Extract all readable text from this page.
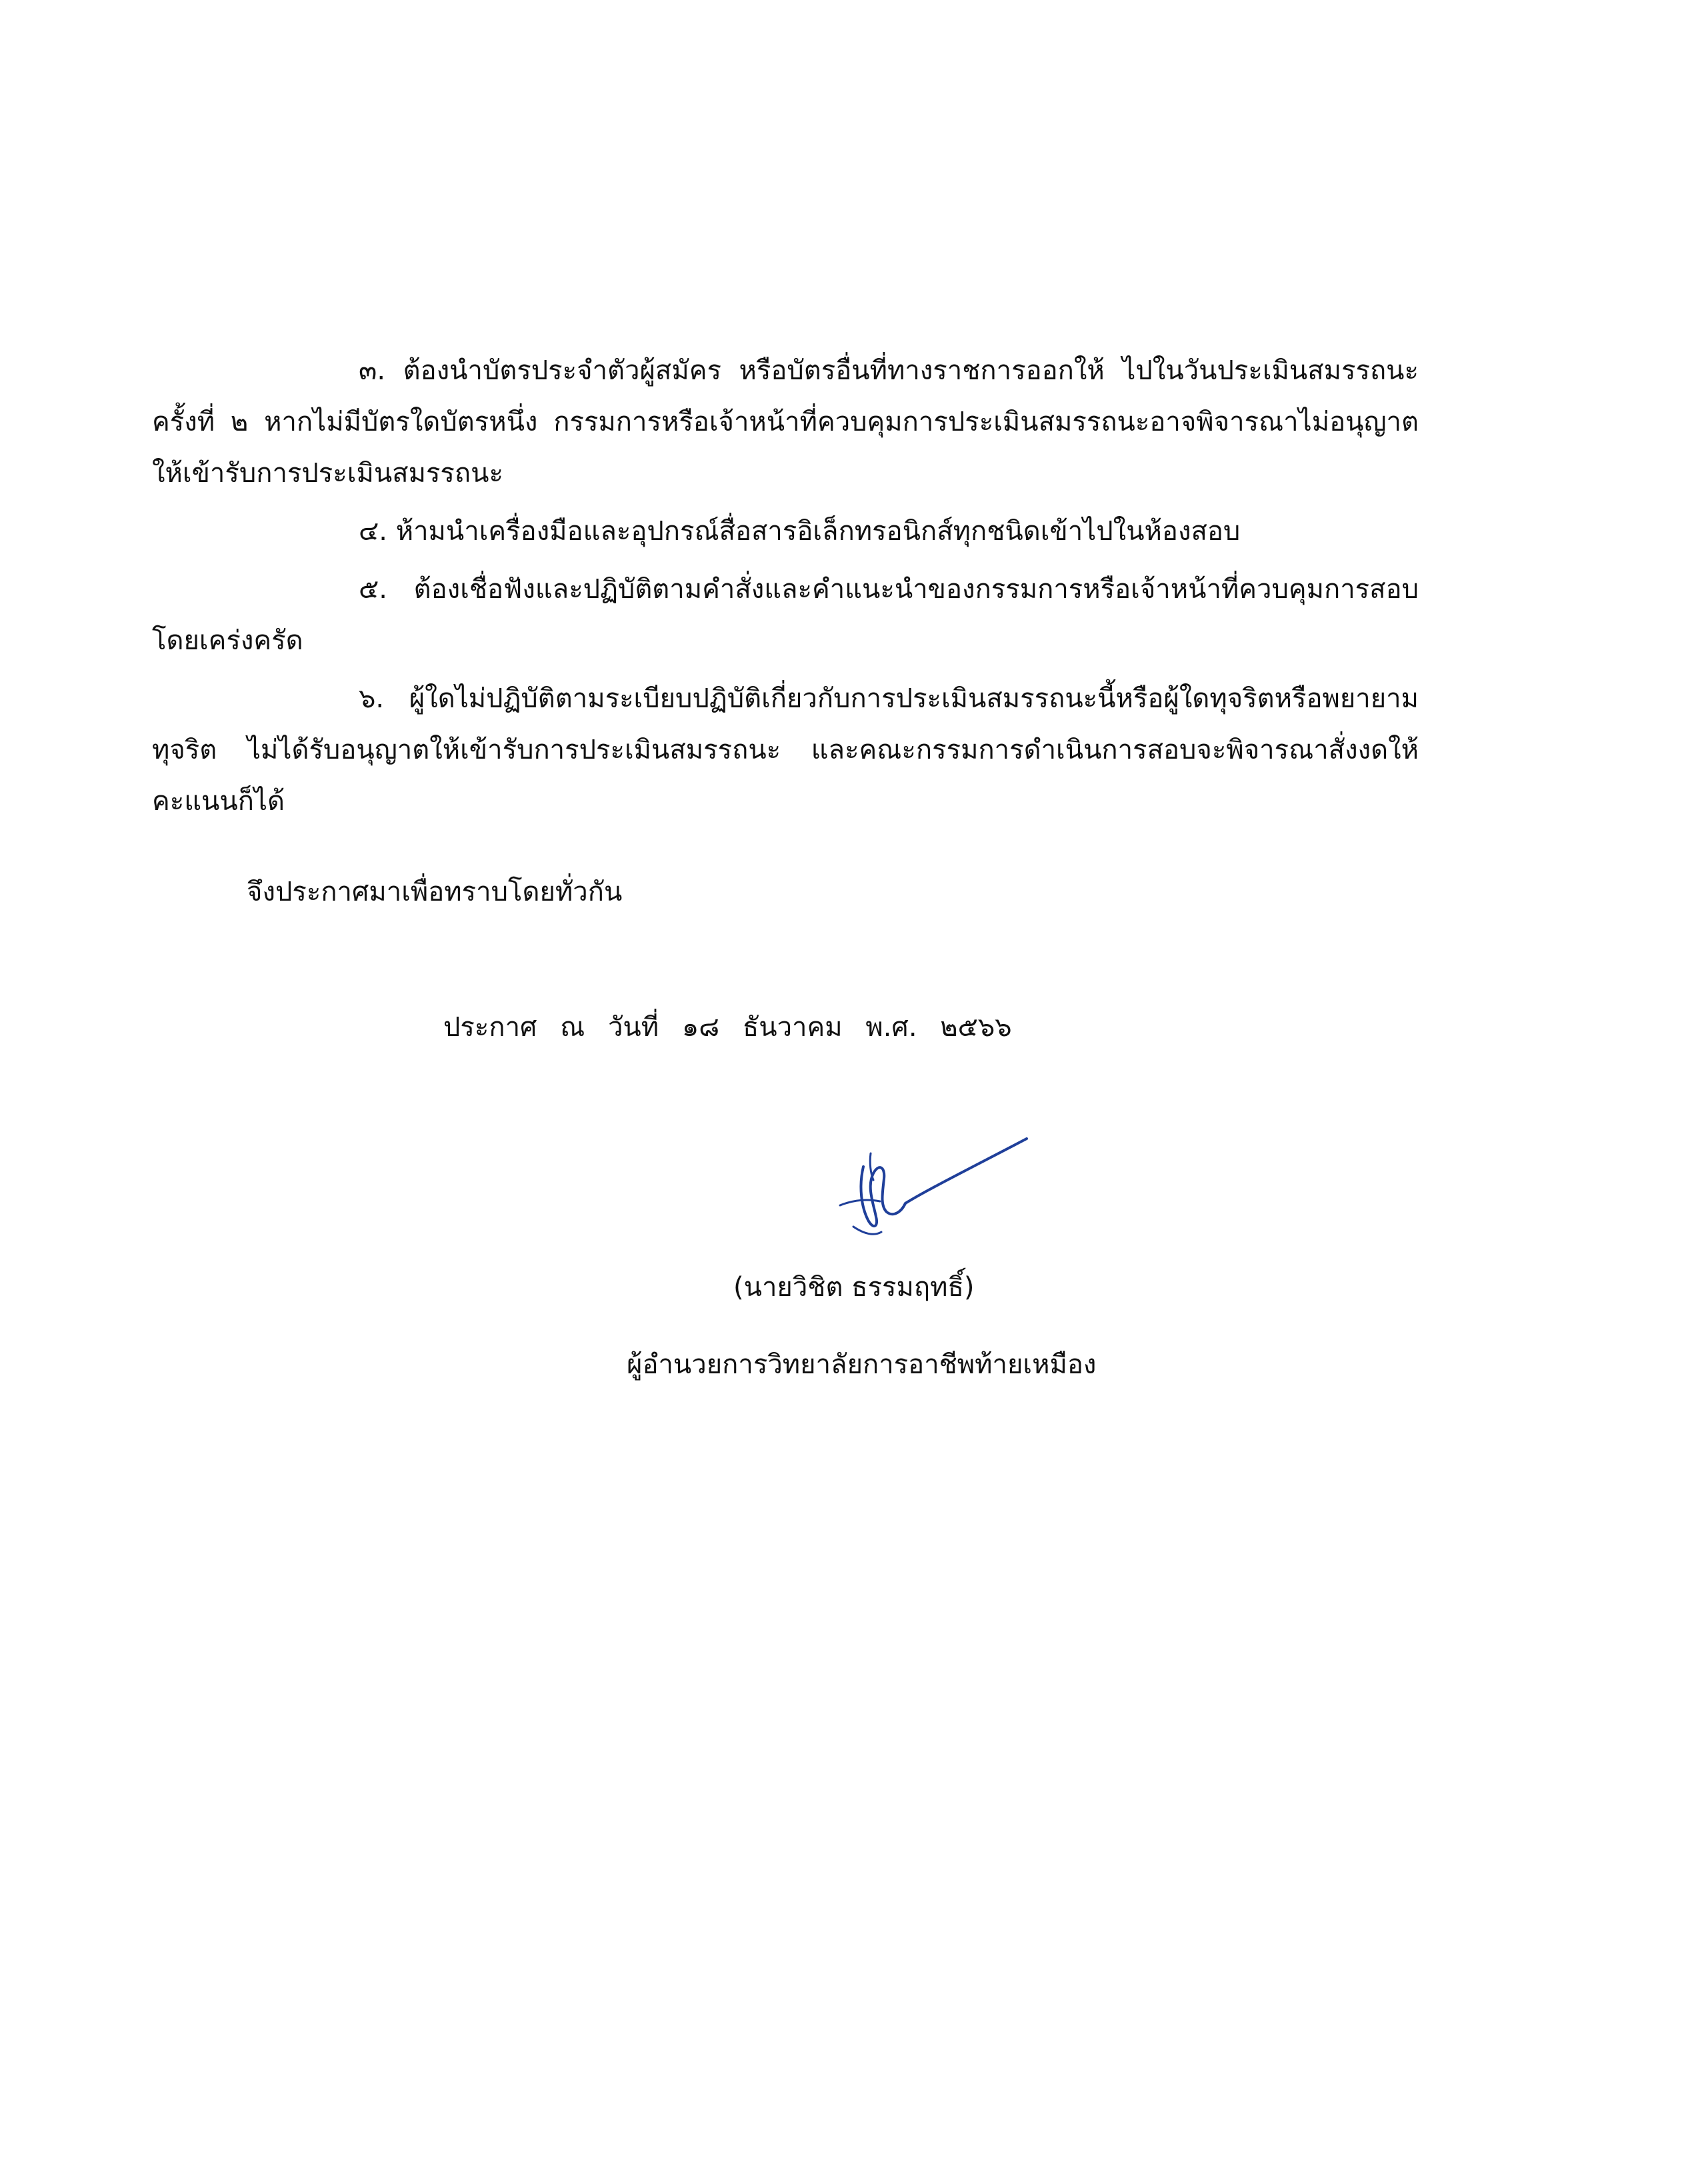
๓. ต้องนำบัตรประจำตัวผู้สมัคร หรือบัตรอื่นที่ทางราชการออกให้ ไปในวันประเมินสมรรถนะครั้งที่ ๒ หากไม่มีบัตรใดบัตรหนึ่ง กรรมการหรือเจ้าหน้าที่ควบคุมการประเมินสมรรถนะอาจพิจารณาไม่อนุญาตให้เข้ารับการประเมินสมรรถนะ

๔. ห้ามนำเครื่องมือและอุปกรณ์สื่อสารอิเล็กทรอนิกส์ทุกชนิดเข้าไปในห้องสอบ

๕. ต้องเชื่อฟังและปฏิบัติตามคำสั่งและคำแนะนำของกรรมการหรือเจ้าหน้าที่ควบคุมการสอบโดยเคร่งครัด

๖. ผู้ใดไม่ปฏิบัติตามระเบียบปฏิบัติเกี่ยวกับการประเมินสมรรถนะนี้หรือผู้ใดทุจริตหรือพยายามทุจริต ไม่ได้รับอนุญาตให้เข้ารับการประเมินสมรรถนะ และคณะกรรมการดำเนินการสอบจะพิจารณาสั่งงดให้คะแนนก็ได้

จึงประกาศมาเพื่อทราบโดยทั่วกัน
ประกาศ ณ วันที่ ๑๘ ธันวาคม พ.ศ. ๒๕๖๖
(นายวิชิต ธรรมฤทธิ์)
ผู้อำนวยการวิทยาลัยการอาชีพท้ายเหมือง
